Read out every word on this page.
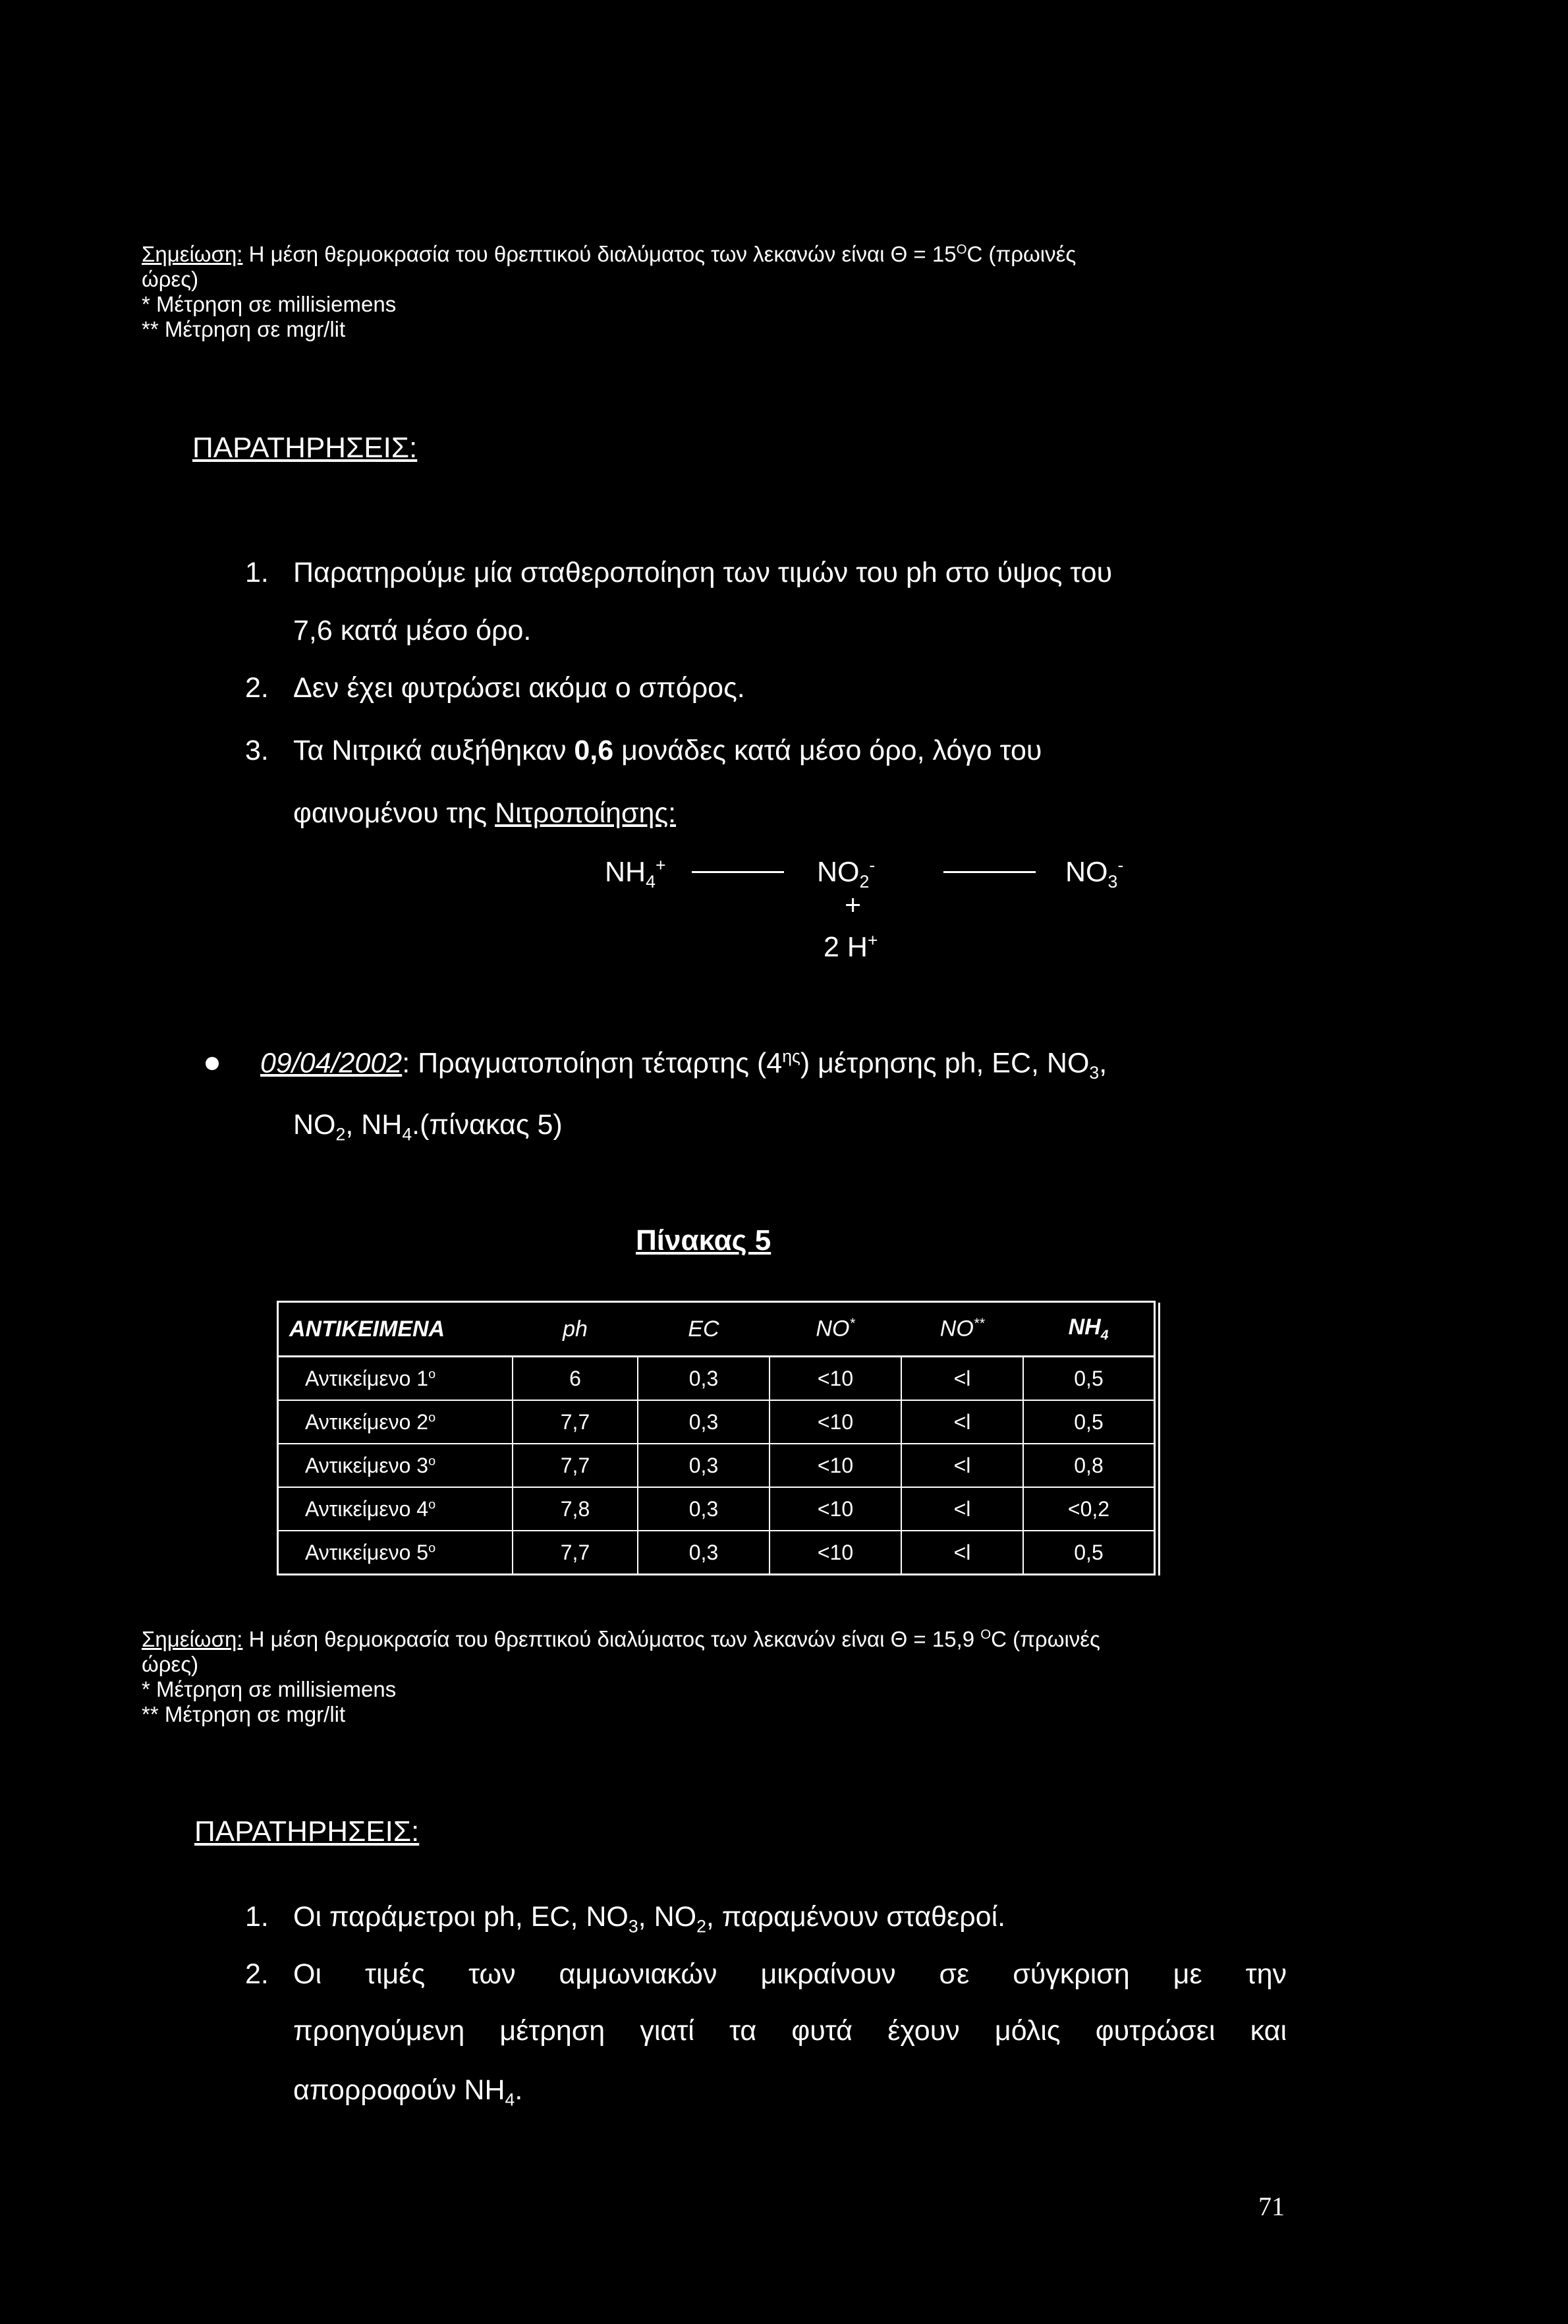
Σημείωση: Η μέση θερμοκρασία του θρεπτικού διαλύματος των λεκανών είναι $\Theta = 15^OC$ (πρωινές
ώρες)
* Μέτρηση σε millisiemens
** Μέτρηση σε mgr/lit
ΠΑΡΑΤΗΡΗΣΕΙΣ:
1. Παρατηρούμε μία σταθεροποίηση των τιμών του ph στο ύψος του
7,6 κατά μέσο όρο.
2. Δεν έχει φυτρώσει ακόμα ο σπόρος.
3. Τα Νιτρικά αυξήθηκαν 0,6 μονάδες κατά μέσο όρο, λόγο του
φαινομένου της Νιτροποίησης:
$NH_4^+$	$NO_2^-$	$NO_3^-$
+
2 H+
09/04/2002: Πραγματοποίηση τέταρτης $(4^{\eta\varsigma})$ μέτρησης ph, EC, $NO_3$,
$NO_2$, $NH_4.(\pi ί\nu\alpha\kappa\alpha\varsigma$ 5)
Πίνακας 5
ΑΝΤΙΚΕΙΜΕΝΑ	ph	EC	NO*	NO**	$NH_4$
Αντικείμενο $1^o$	6	0,3	<10	<l	0,5
Αντικείμενο $2^o$	7,7	0,3	<10	<l	0,5
Αντικείμενο $3^o$	7,7	0,3	<10	<l	0,8
Αντικείμενο $4^o$	7,8	0,3	<10	<l	<0,2
Αντικείμενο $5^o$	7,7	0,3	<10	<l	0,5
Σημείωση: Η μέση θερμοκρασία του θρεπτικού διαλύματος των λεκανών είναι Θ = 15,9 $^O$C (πρωινές
ώρες)
* Μέτρηση σε millisiemens
** Μέτρηση σε mgr/lit
ΠΑΡΑΤΗΡΗΣΕΙΣ:
1. Οι παράμετροι ph, EC, $NO_3$, $NO_2$, παραμένουν σταθεροί.
2. Οι τιμές των αμμωνιακών μικραίνουν σε σύγκριση με την
προηγούμενη μέτρηση γιατί τα φυτά έχουν μόλις φυτρώσει και
απορροφούν $NH_4$.
71
